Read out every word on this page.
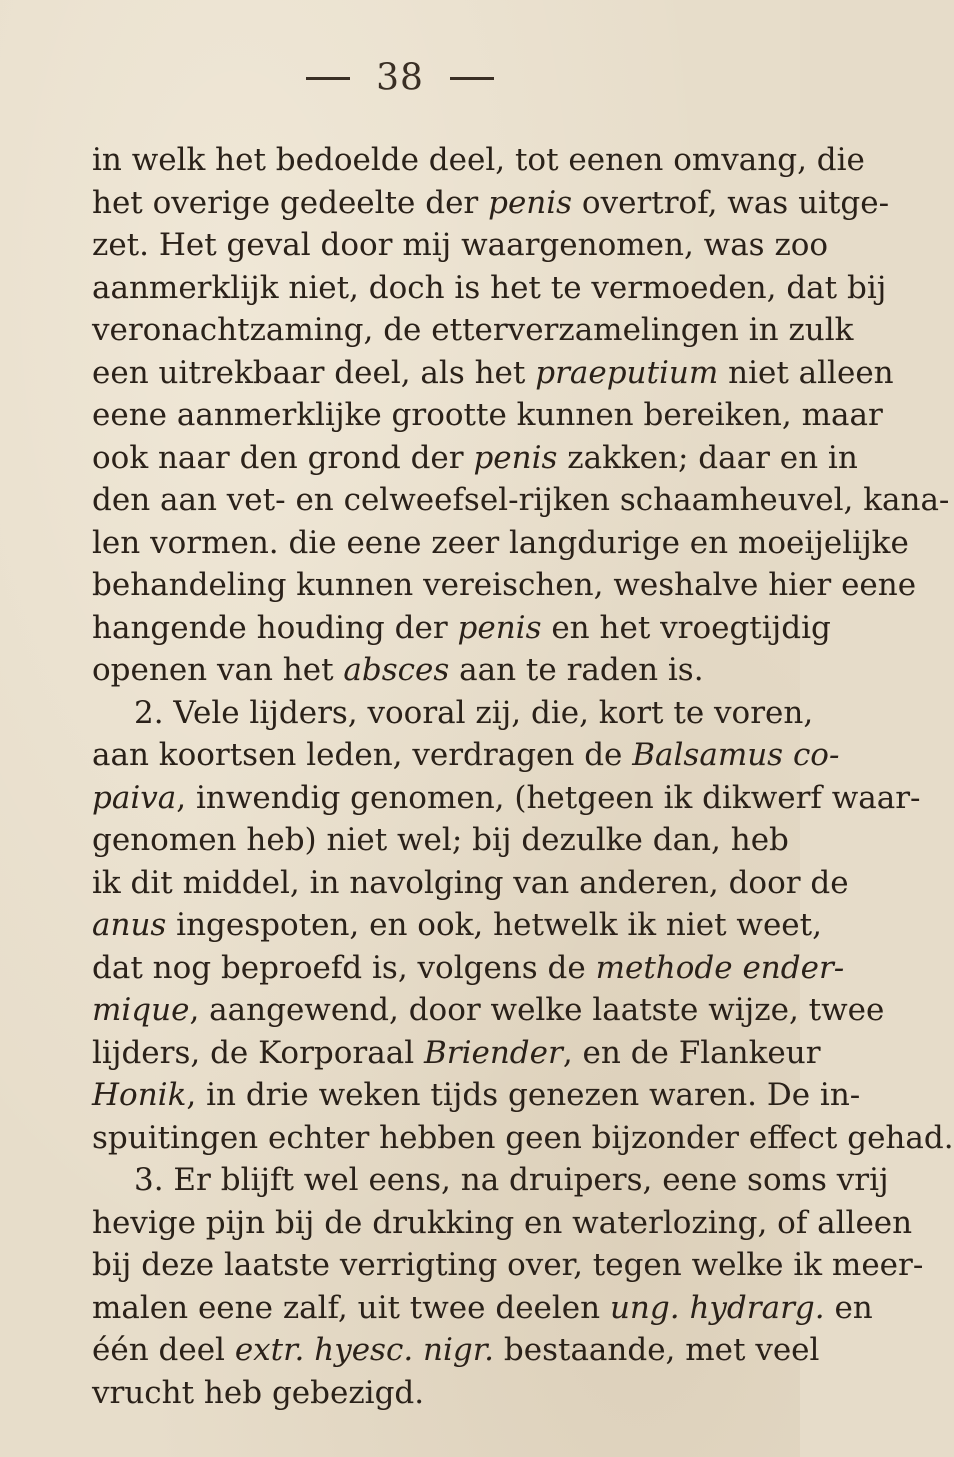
38
in welk het bedoelde deel, tot eenen omvang, die
het overige gedeelte der penis overtrof, was uitge-
zet. Het geval door mij waargenomen, was zoo
aanmerklijk niet, doch is het te vermoeden, dat bij
veronachtzaming, de etterverzamelingen in zulk
een uitrekbaar deel, als het praeputium niet alleen
eene aanmerklijke grootte kunnen bereiken, maar
ook naar den grond der penis zakken; daar en in
den aan vet- en celweefsel-rijken schaamheuvel, kana-
len vormen. die eene zeer langdurige en moeijelijke
behandeling kunnen vereischen, weshalve hier eene
hangende houding der penis en het vroegtijdig
openen van het absces aan te raden is.
2. Vele lijders, vooral zij, die, kort te voren,
aan koortsen leden, verdragen de Balsamus co-
paiva, inwendig genomen, (hetgeen ik dikwerf waar-
genomen heb) niet wel; bij dezulke dan, heb
ik dit middel, in navolging van anderen, door de
anus ingespoten, en ook, hetwelk ik niet weet,
dat nog beproefd is, volgens de methode ender-
mique, aangewend, door welke laatste wijze, twee
lijders, de Korporaal Briender, en de Flankeur
Honik, in drie weken tijds genezen waren. De in-
spuitingen echter hebben geen bijzonder effect gehad.
3. Er blijft wel eens, na druipers, eene soms vrij
hevige pijn bij de drukking en waterlozing, of alleen
bij deze laatste verrigting over, tegen welke ik meer-
malen eene zalf, uit twee deelen ung. hydrarg. en
één deel extr. hyesc. nigr. bestaande, met veel
vrucht heb gebezigd.
